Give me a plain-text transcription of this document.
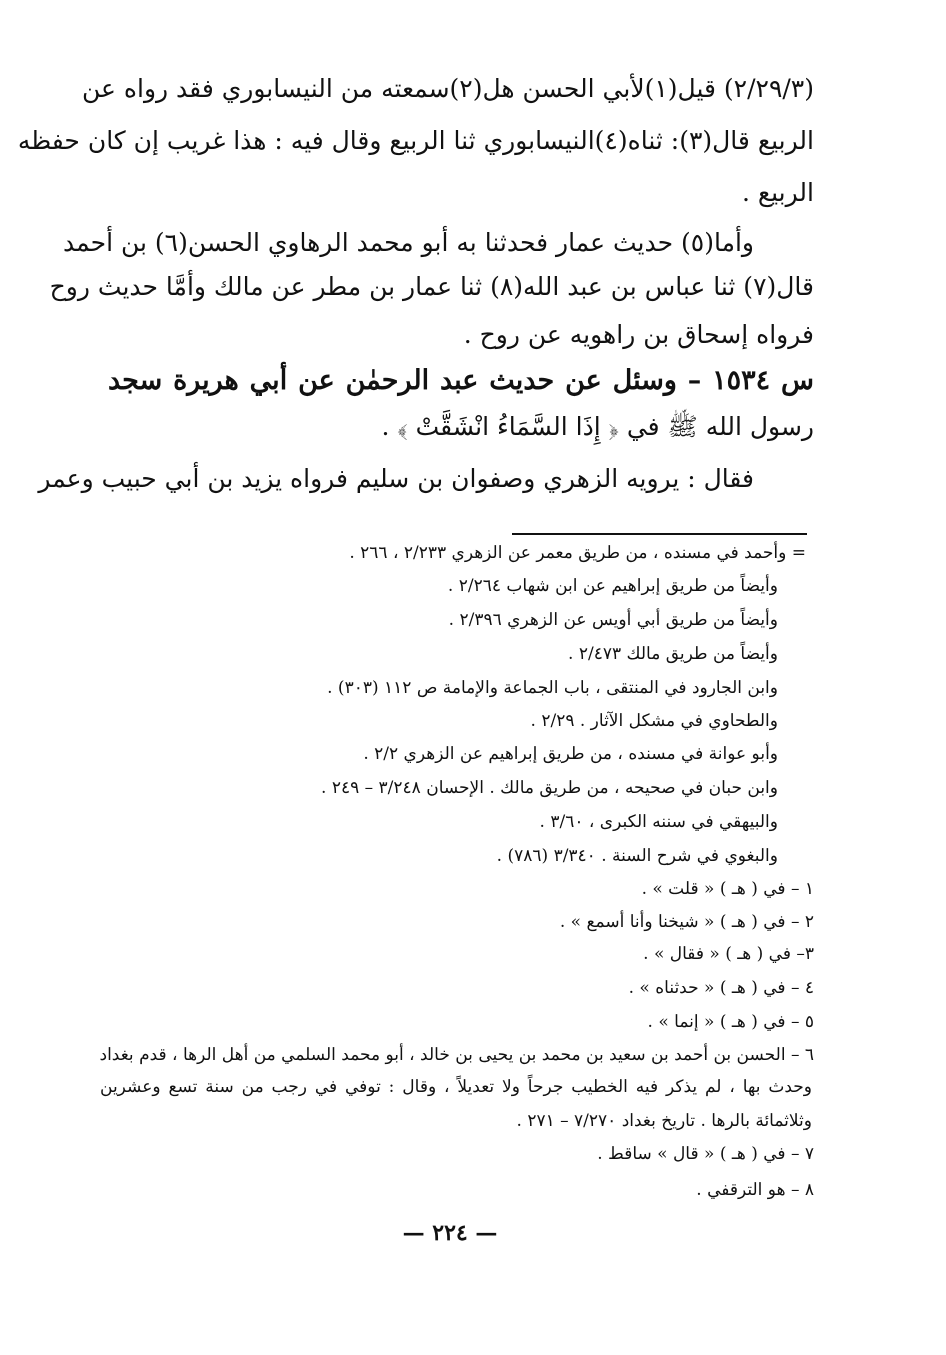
(٢/٢٩/٣) قيل(١)لأبي الحسن هل(٢)سمعته من النيسابوري فقد رواه عن
الربيع قال(٣): ثناه(٤)النيسابوري ثنا الربيع وقال فيه : هذا غريب إن كان حفظه
الربيع .
وأما(٥) حديث عمار فحدثنا به أبو محمد الرهاوي الحسن(٦) بن أحمد
قال(٧) ثنا عباس بن عبد الله(٨) ثنا عمار بن مطر عن مالك وأمَّا حديث روح
فرواه إسحاق بن راهويه عن روح .
س ١٥٣٤ – وسئل عن حديث عبد الرحمٰن عن أبي هريرة سجد
رسول الله ﷺ في ﴿ إِذَا السَّمَاءُ انْشَقَّتْ ﴾ .
فقال : يرويه الزهري وصفوان بن سليم فرواه يزيد بن أبي حبيب وعمر
= وأحمد في مسنده ، من طريق معمر عن الزهري ٢/٢٣٣ ، ٢٦٦ .
وأيضاً من طريق إبراهيم عن ابن شهاب ٢/٢٦٤ .
وأيضاً من طريق أبي أويس عن الزهري ٢/٣٩٦ .
وأيضاً من طريق مالك ٢/٤٧٣ .
وابن الجارود في المنتقى ، باب الجماعة والإمامة ص ١١٢ (٣٠٣) .
والطحاوي في مشكل الآثار . ٢/٢٩ .
وأبو عوانة في مسنده ، من طريق إبراهيم عن الزهري ٢/٢ .
وابن حبان في صحيحه ، من طريق مالك . الإحسان ٣/٢٤٨ – ٢٤٩ .
والبيهقي في سننه الكبرى ، ٣/٦٠ .
والبغوي في شرح السنة . ٣/٣٤٠ (٧٨٦) .
١ – في ( هـ ) « قلت » .
٢ – في ( هـ ) « شيخنا وأنا أسمع » .
٣– في ( هـ ) « فقال » .
٤ – في ( هـ ) « حدثناه » .
٥ – في ( هـ ) « إنما » .
٦ – الحسن بن أحمد بن سعيد بن محمد بن يحيى بن خالد ، أبو محمد السلمي من أهل الرها ، قدم بغداد
وحدث بها ، لم يذكر فيه الخطيب جرحاً ولا تعديلاً ، وقال : توفي في رجب من سنة تسع وعشرين
وثلاثمائة بالرها . تاريخ بغداد ٧/٢٧٠ – ٢٧١ .
٧ – في ( هـ ) « قال » ساقط .
٨ – هو الترقفي .
— ٢٢٤ —
